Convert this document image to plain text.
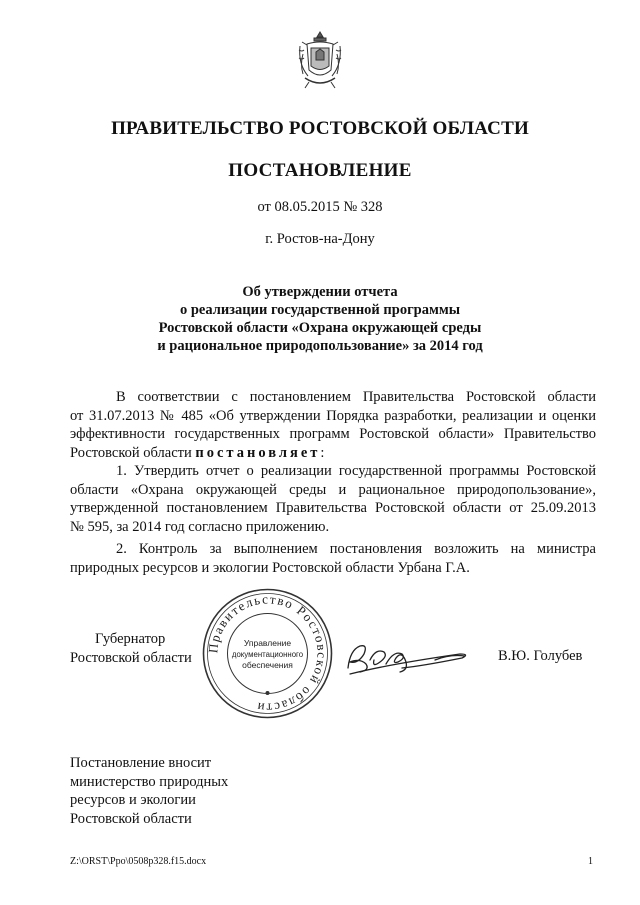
ПРАВИТЕЛЬСТВО РОСТОВСКОЙ ОБЛАСТИ
ПОСТАНОВЛЕНИЕ
от 08.05.2015 № 328
г. Ростов-на-Дону
Об утверждении отчета
о реализации государственной программы
Ростовской области «Охрана окружающей среды
и рациональное природопользование» за 2014 год
В соответствии с постановлением Правительства Ростовской области
от 31.07.2013 № 485 «Об утверждении Порядка разработки, реализации и оценки
эффективности государственных программ Ростовской области» Правительство
Ростовской области постановляет:
1. Утвердить отчет о реализации государственной программы Ростовской
области «Охрана окружающей среды и рациональное природопользование»,
утвержденной постановлением Правительства Ростовской области от 25.09.2013
№ 595, за 2014 год согласно приложению.
2. Контроль за выполнением постановления возложить на министра
природных ресурсов и экологии Ростовской области Урбана Г.А.
Правительство Ростовской области
Управление
документационного
обеспечения
Губернатор
Ростовской области	В.Ю. Голубев
Постановление вносит
министерство природных
ресурсов и экологии
Ростовской области
Z:\ORST\Ppo\0508p328.f15.docx	1
